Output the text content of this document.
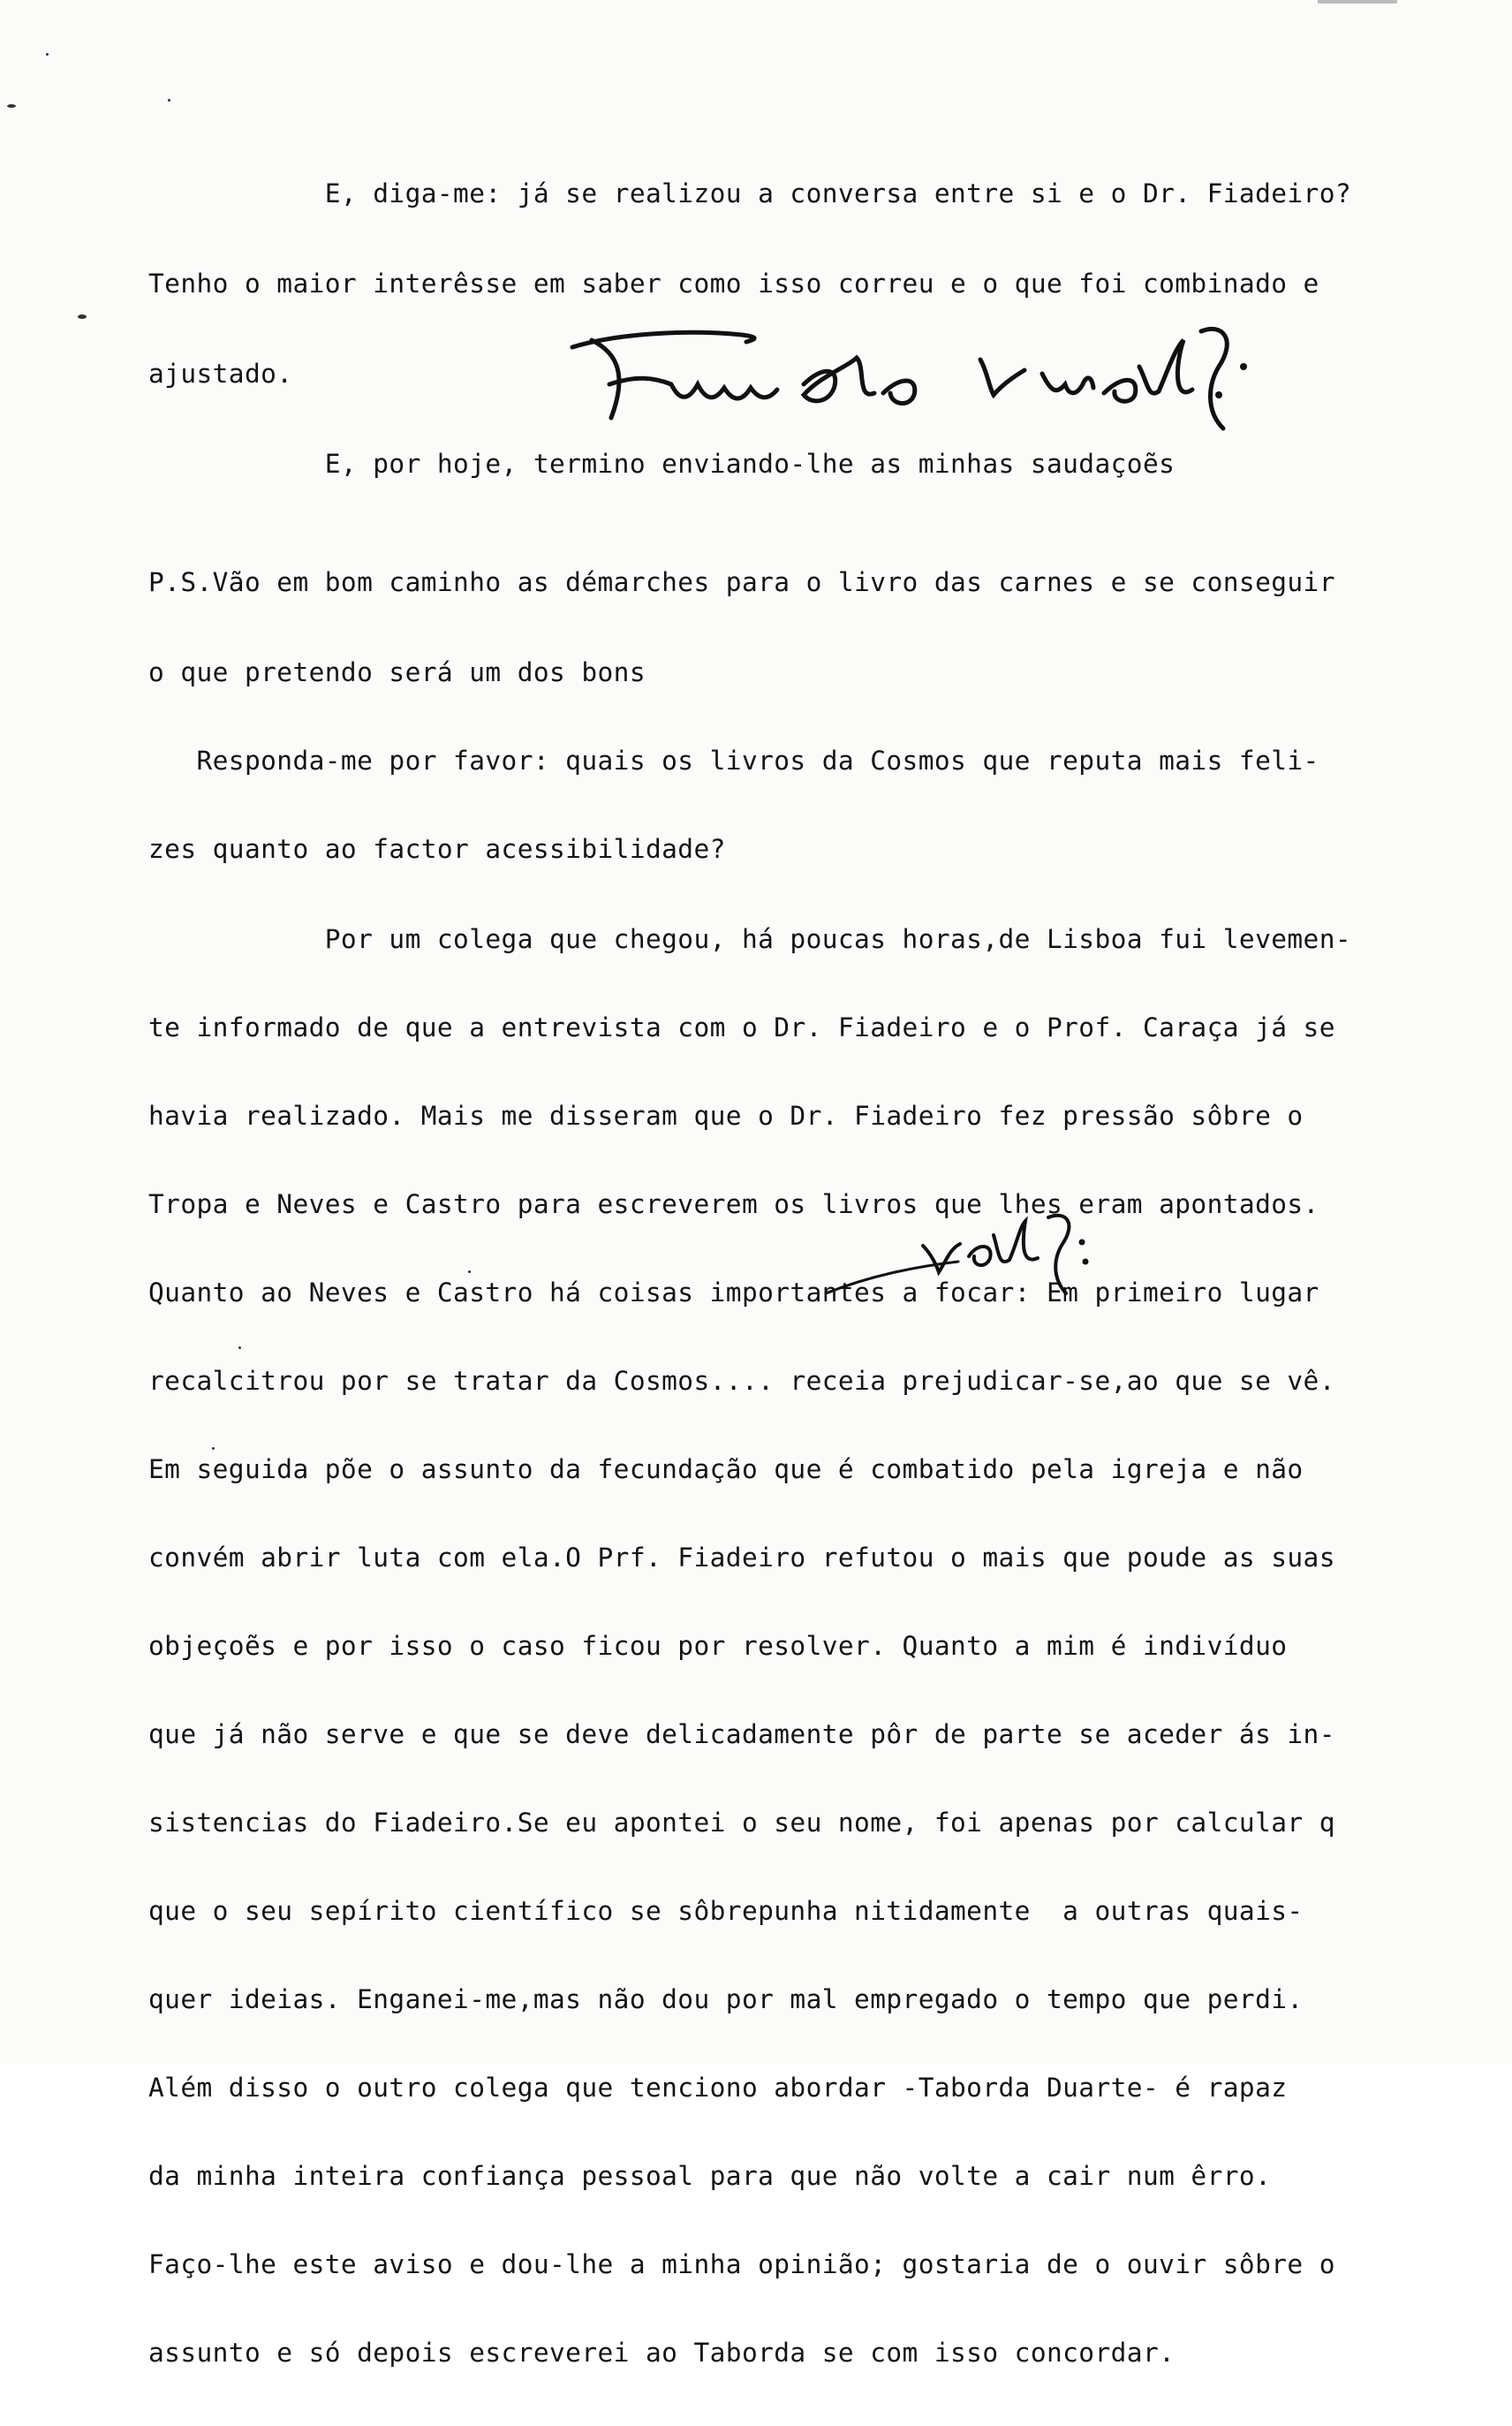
E, diga-me: já se realizou a conversa entre si e o Dr. Fiadeiro?

Tenho o maior interêsse em saber como isso correu e o que foi combinado e

ajustado.

E, por hoje, termino enviando-lhe as minhas saudaçoẽs

P.S.Vão em bom caminho as démarches para o livro das carnes e se conseguir

o que pretendo será um dos bons

Responda-me por favor: quais os livros da Cosmos que reputa mais feli-

zes quanto ao factor acessibilidade?

Por um colega que chegou, há poucas horas,de Lisboa fui levemen-

te informado de que a entrevista com o Dr. Fiadeiro e o Prof. Caraça já se

havia realizado. Mais me disseram que o Dr. Fiadeiro fez pressão sôbre o

Tropa e Neves e Castro para escreverem os livros que lhes eram apontados.

Quanto ao Neves e Castro há coisas importantes a focar: Em primeiro lugar

recalcitrou por se tratar da Cosmos.... receia prejudicar-se,ao que se vê.

Em seguida põe o assunto da fecundação que é combatido pela igreja e não

convém abrir luta com ela.O Prf. Fiadeiro refutou o mais que poude as suas

objeçoẽs e por isso o caso ficou por resolver. Quanto a mim é indivíduo

que já não serve e que se deve delicadamente pôr de parte se aceder ás in-

sistencias do Fiadeiro.Se eu apontei o seu nome, foi apenas por calcular q

que o seu sepírito científico se sôbrepunha nitidamente  a outras quais-

quer ideias. Enganei-me,mas não dou por mal empregado o tempo que perdi.

Além disso o outro colega que tenciono abordar -Taborda Duarte- é rapaz

da minha inteira confiança pessoal para que não volte a cair num êrro.

Faço-lhe este aviso e dou-lhe a minha opinião; gostaria de o ouvir sôbre o

assunto e só depois escreverei ao Taborda se com isso concordar.
